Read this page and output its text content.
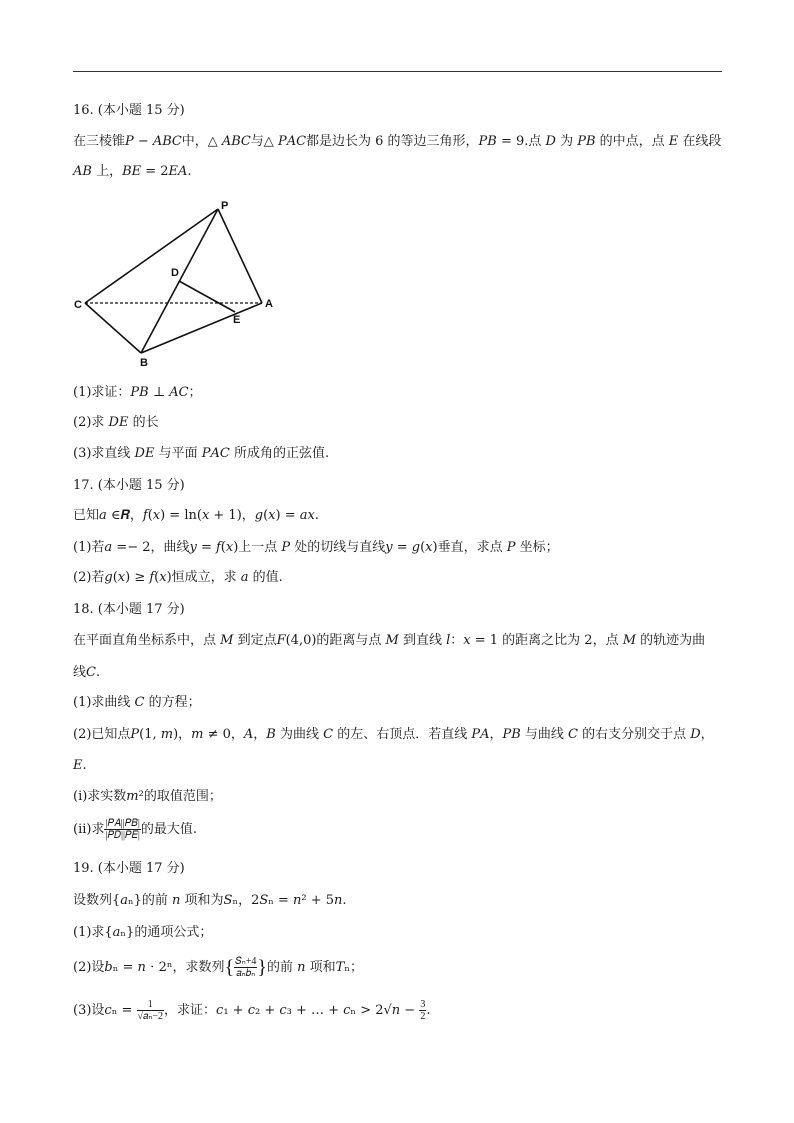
16. (本小题 15 分)
在三棱锥𝑃 − 𝐴𝐵𝐶中，△ 𝐴𝐵𝐶与△ 𝑃𝐴𝐶都是边长为 6 的等边三角形，𝑃𝐵 = 9.点 𝐷 为 𝑃𝐵 的中点，点 𝐸 在线段
𝐴𝐵 上，𝐵𝐸 = 2𝐸𝐴.
P
D
C	A
E
B
(1)求证：𝑃𝐵 ⊥ 𝐴𝐶；
(2)求 𝐷𝐸 的长
(3)求直线 𝐷𝐸 与平面 𝑃𝐴𝐶 所成角的正弦值.
17. (本小题 15 分)
已知𝑎 ∈𝑹，𝑓(𝑥) = ln(𝑥 + 1)，𝑔(𝑥) = 𝑎𝑥.
(1)若𝑎 =− 2，曲线𝑦 = 𝑓(𝑥)上一点 𝑃 处的切线与直线𝑦 = 𝑔(𝑥)垂直，求点 𝑃 坐标；
(2)若𝑔(𝑥) ≥ 𝑓(𝑥)恒成立，求 𝑎 的值.
18. (本小题 17 分)
在平面直角坐标系中，点 𝑀 到定点𝐹(4,0)的距离与点 𝑀 到直线 𝑙：𝑥 = 1 的距离之比为 2，点 𝑀 的轨迹为曲
线𝐶.
(1)求曲线 𝐶 的方程；
(2)已知点𝑃(1, 𝑚)，𝑚 ≠ 0，𝐴，𝐵 为曲线 𝐶 的左、右顶点．若直线 𝑃𝐴，𝑃𝐵 与曲线 𝐶 的右支分别交于点 𝐷，
𝐸.
(i)求实数𝑚²的取值范围；
(ii)求 $\frac{\text{|𝑃𝐴||𝑃𝐵|}}{\text{|𝑃𝐷||𝑃𝐸|}}$ 的最大值.
19. (本小题 17 分)
设数列{𝑎ₙ}的前 𝑛 项和为𝑆ₙ，2𝑆ₙ = 𝑛² + 5𝑛.
(1)求{𝑎ₙ}的通项公式；
(2)设𝑏ₙ = 𝑛 ⋅ 2ⁿ，求数列{ $\frac{\text{𝑆ₙ+4}}{\text{𝑎ₙ𝑏ₙ}}$ }的前 𝑛 项和𝑇ₙ；
(3)设𝑐ₙ = $\frac{1}{\text{√𝑎ₙ−2}}$ ，求证：𝑐₁ + 𝑐₂ + 𝑐₃ + … + 𝑐ₙ > 2√𝑛 − $\frac{3}{2}$ .
